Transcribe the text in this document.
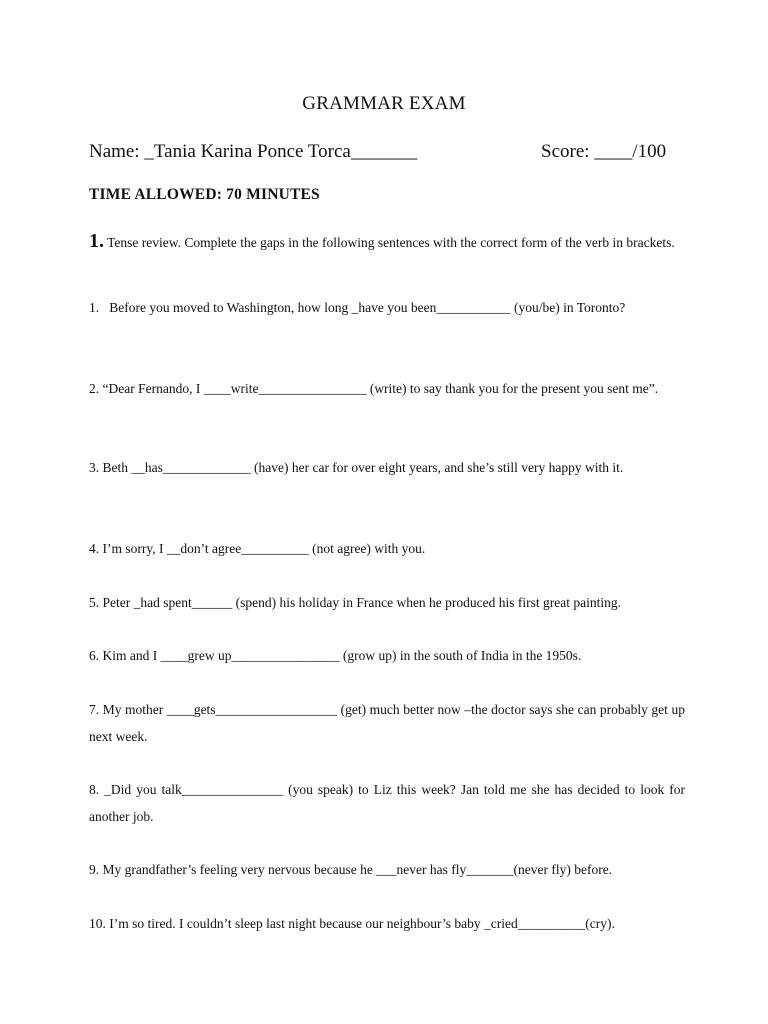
GRAMMAR EXAM
Name: _Tania Karina Ponce Torca_______	Score: ____/100
TIME ALLOWED: 70 MINUTES
1. Tense review. Complete the gaps in the following sentences with the correct form of the verb in brackets.
1.   Before you moved to Washington, how long _have you been___________ (you/be) in Toronto?
2. “Dear Fernando, I ____write________________ (write) to say thank you for the present you sent me”.
3. Beth __has_____________ (have) her car for over eight years, and she’s still very happy with it.
4. I’m sorry, I __don’t agree__________ (not agree) with you.
5. Peter _had spent______ (spend) his holiday in France when he produced his first great painting.
6. Kim and I ____grew up________________ (grow up) in the south of India in the 1950s.
7. My mother ____gets__________________ (get) much better now –the doctor says she can probably get up next week.
8. _Did you talk_______________ (you speak) to Liz this week? Jan told me she has decided to look for another job.
9. My grandfather’s feeling very nervous because he ___never has fly_______(never fly) before.
10. I’m so tired. I couldn’t sleep last night because our neighbour’s baby _cried__________(cry).
